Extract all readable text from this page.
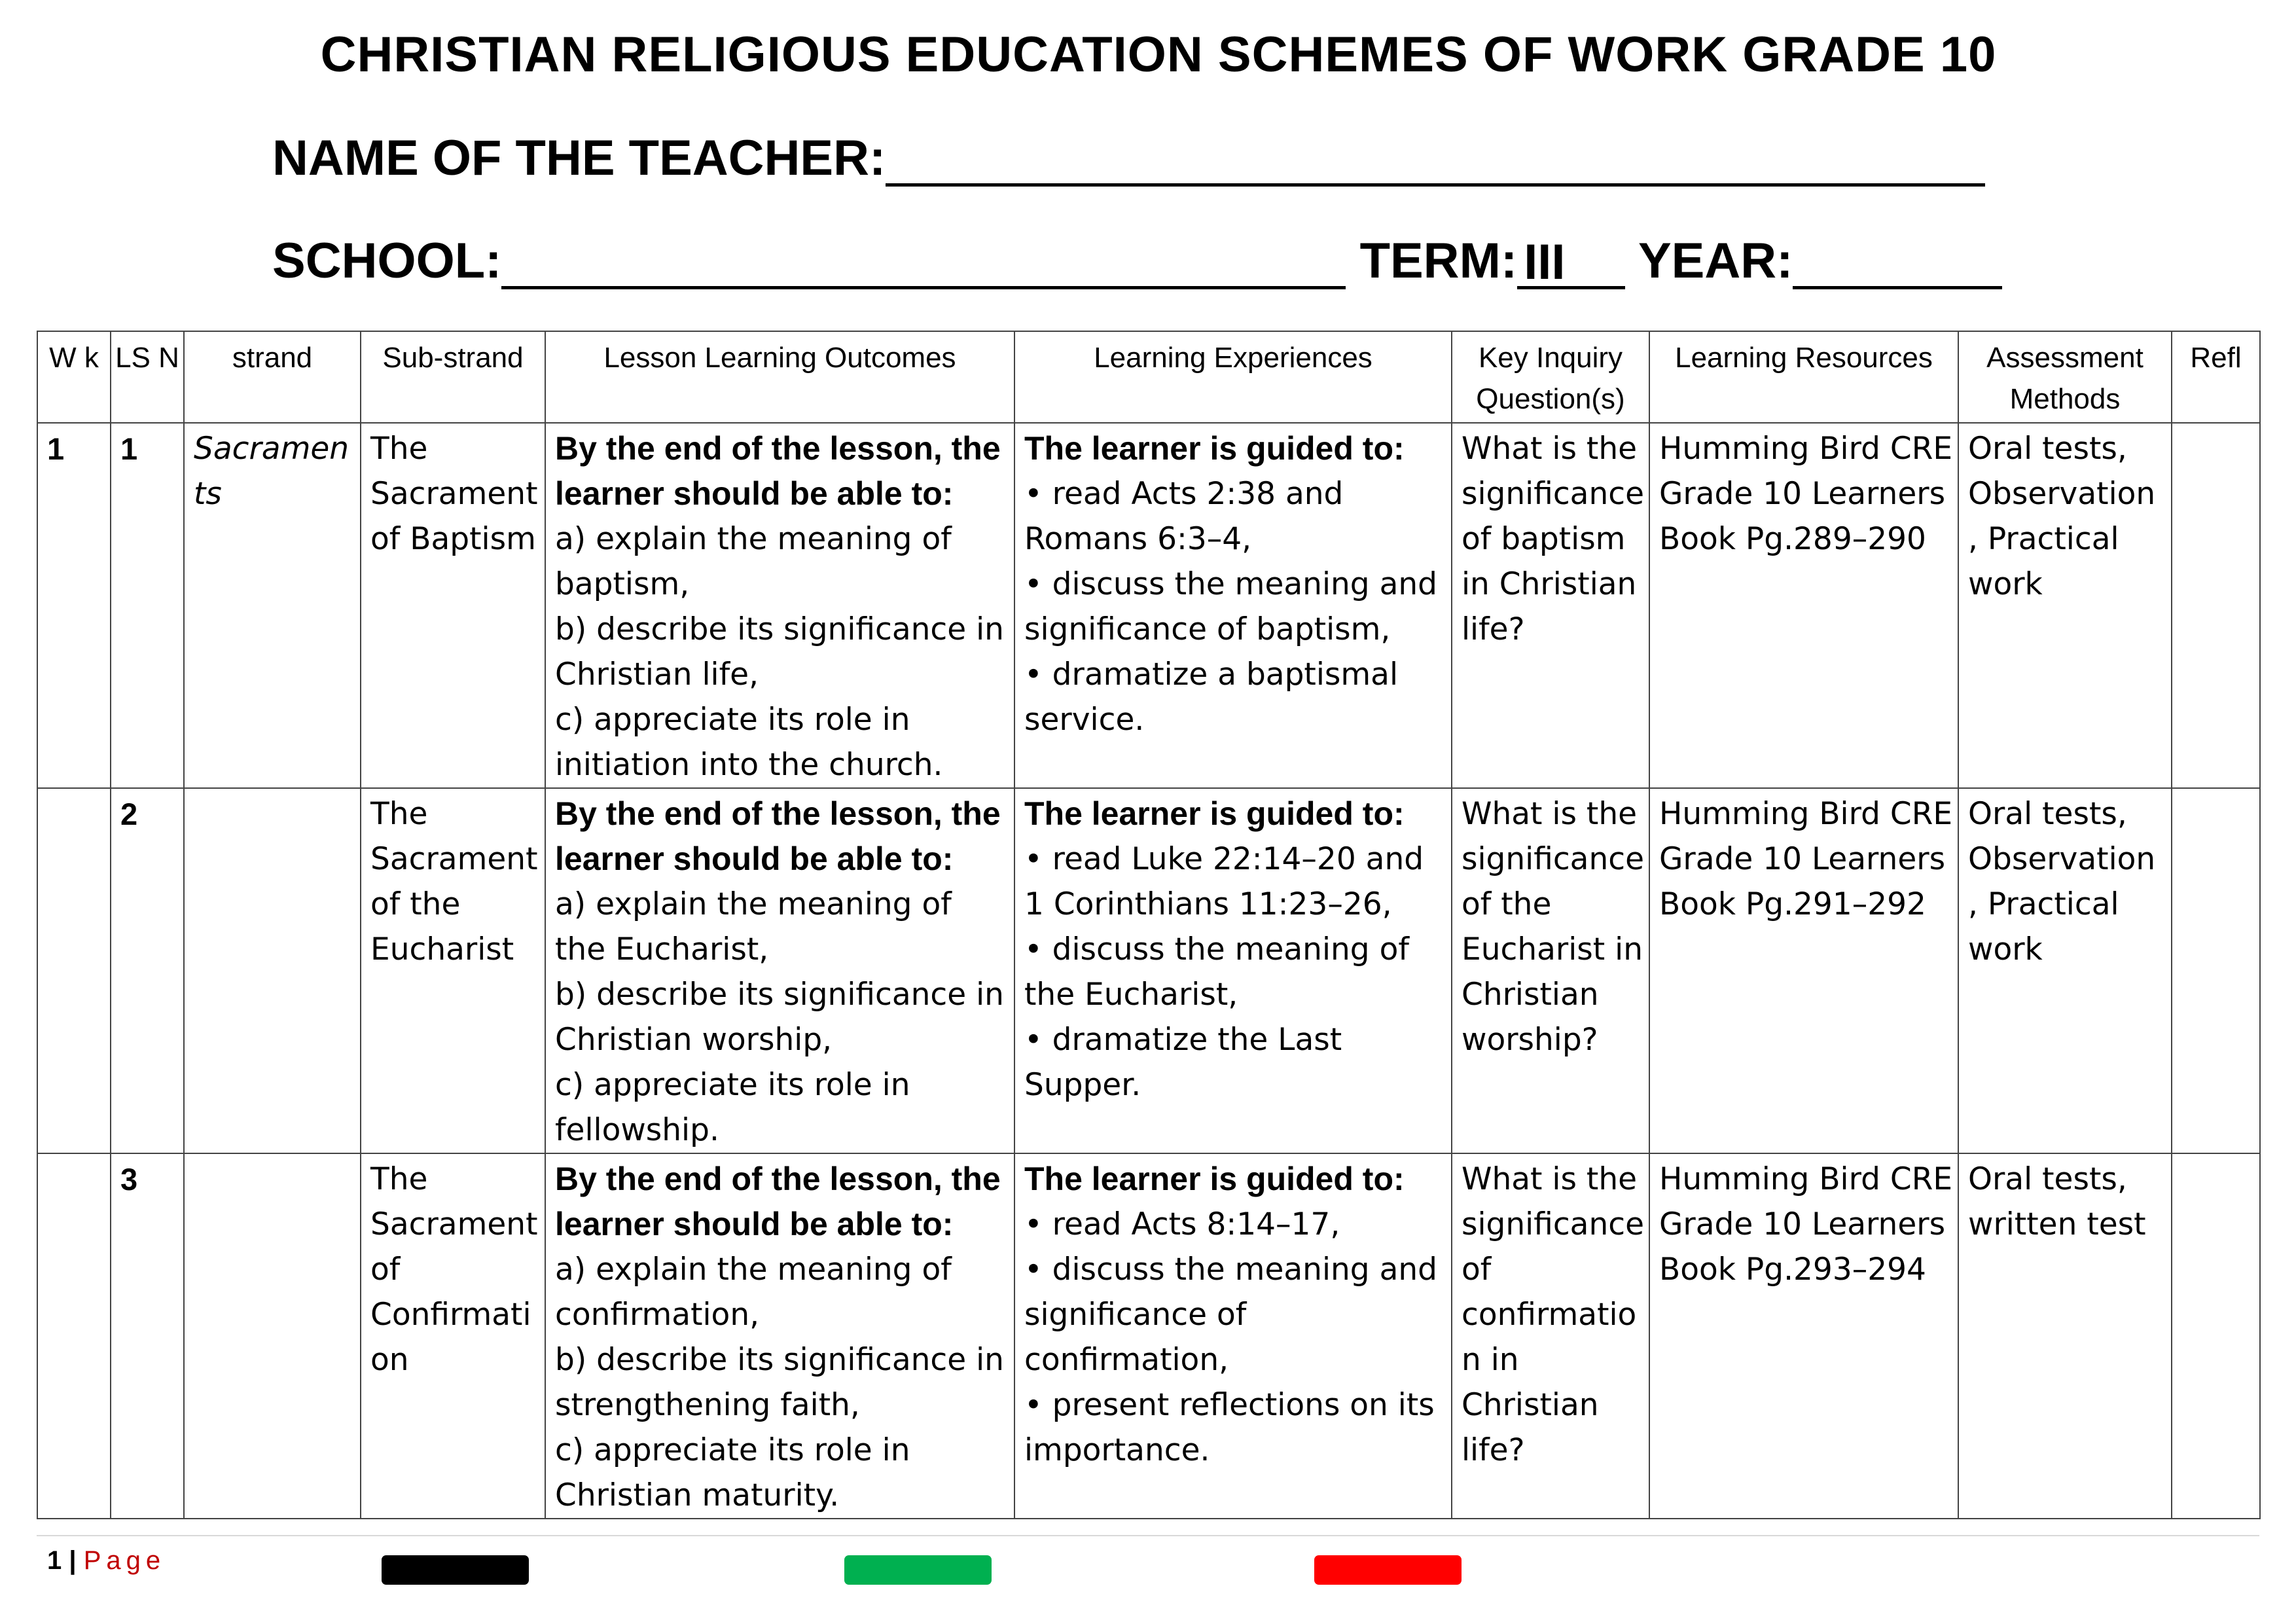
CHRISTIAN RELIGIOUS EDUCATION SCHEMES OF WORK GRADE 10
NAME OF THE TEACHER:
SCHOOL:	TERM: III YEAR:
W k	LS N	strand	Sub-strand	Lesson Learning Outcomes	Learning Experiences	Key Inquiry Question(s)	Learning Resources	Assessment Methods	Refl
1	1	Sacraments	The Sacrament of Baptism	By the end of the lesson, the learner should be able to:
a) explain the meaning of baptism,
b) describe its significance in Christian life,
c) appreciate its role in initiation into the church.	The learner is guided to:
• read Acts 2:38 and Romans 6:3–4,
• discuss the meaning and significance of baptism,
• dramatize a baptismal service.	What is the significance of baptism in Christian life?	Humming Bird CRE Grade 10 Learners Book Pg.289–290	Oral tests, Observation , Practical work	
	2		The Sacrament of the Eucharist	By the end of the lesson, the learner should be able to:
a) explain the meaning of the Eucharist,
b) describe its significance in Christian worship,
c) appreciate its role in fellowship.	The learner is guided to:
• read Luke 22:14–20 and 1 Corinthians 11:23–26,
• discuss the meaning of the Eucharist,
• dramatize the Last Supper.	What is the significance of the Eucharist in Christian worship?	Humming Bird CRE Grade 10 Learners Book Pg.291–292	Oral tests, Observation , Practical work	
	3		The Sacrament of Confirmation	By the end of the lesson, the learner should be able to:
a) explain the meaning of confirmation,
b) describe its significance in strengthening faith,
c) appreciate its role in Christian maturity.	The learner is guided to:
• read Acts 8:14–17,
• discuss the meaning and significance of confirmation,
• present reflections on its importance.	What is the significance of confirmation in Christian life?	Humming Bird CRE Grade 10 Learners Book Pg.293–294	Oral tests, written test	
1 | Page
